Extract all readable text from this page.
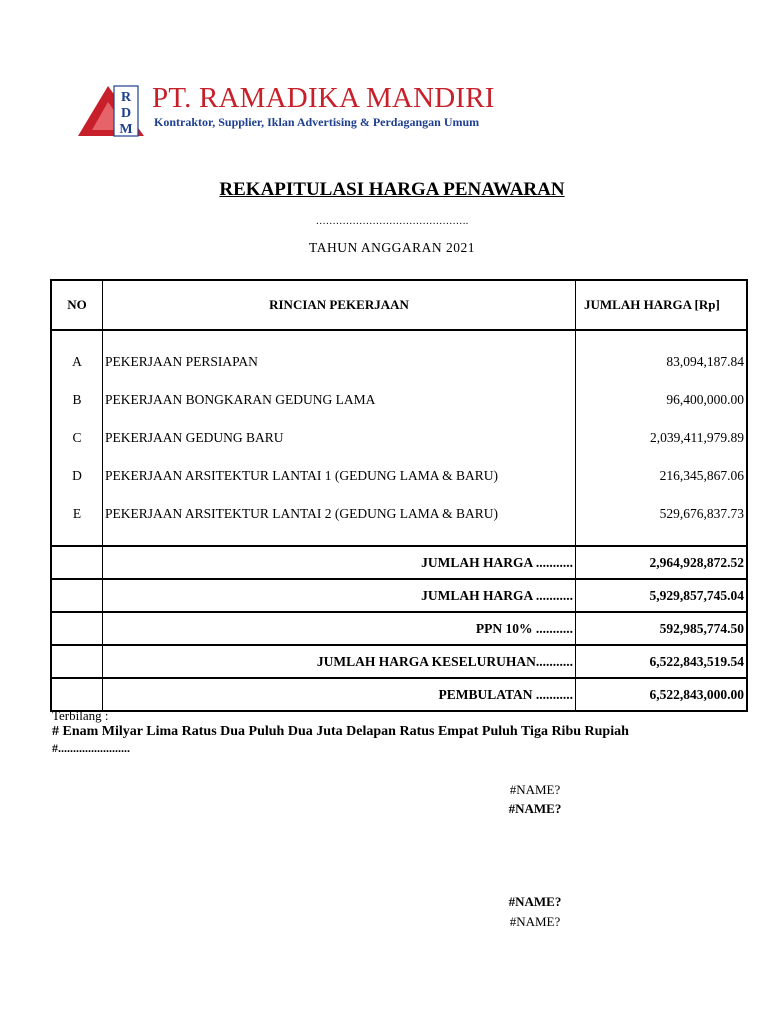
R
D
M
PT. RAMADIKA MANDIRI
Kontraktor, Supplier, Iklan Advertising & Perdagangan Umum
REKAPITULASI HARGA PENAWARAN
……………………………………….
TAHUN ANGGARAN 2021
NO	RINCIAN PEKERJAAN	JUMLAH HARGA [Rp]

A	PEKERJAAN PERSIAPAN	83,094,187.84
B	PEKERJAAN BONGKARAN GEDUNG LAMA	96,400,000.00
C	PEKERJAAN GEDUNG BARU	2,039,411,979.89
D	PEKERJAAN ARSITEKTUR LANTAI 1 (GEDUNG LAMA & BARU)	216,345,867.06
E	PEKERJAAN ARSITEKTUR LANTAI 2 (GEDUNG LAMA & BARU)	529,676,837.73

	JUMLAH HARGA ...........	2,964,928,872.52
	JUMLAH HARGA ...........	5,929,857,745.04
	PPN 10% ...........	592,985,774.50
	JUMLAH HARGA KESELURUHAN...........	6,522,843,519.54
	PEMBULATAN ...........	6,522,843,000.00
Terbilang :
# Enam Milyar Lima Ratus Dua Puluh Dua Juta Delapan Ratus Empat Puluh Tiga Ribu Rupiah
#........................
#NAME?
#NAME?
#NAME?
#NAME?
